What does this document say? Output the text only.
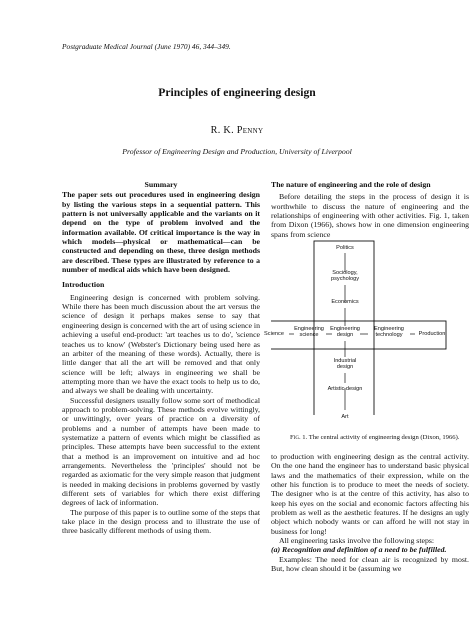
Postgraduate Medical Journal (June 1970) 46, 344–349.
Principles of engineering design
R. K. Penny
Professor of Engineering Design and Production, University of Liverpool
Summary

The paper sets out procedures used in engineering design by listing the various steps in a sequential pattern. This pattern is not universally applicable and the variants on it depend on the type of problem involved and the information available. Of critical importance is the way in which models—physical or mathematical—can be constructed and depending on these, three design methods are described. These types are illustrated by reference to a number of medical aids which have been designed.

Introduction

Engineering design is concerned with problem solving. While there has been much discussion about the art versus the science of design it perhaps makes sense to say that engineering design is concerned with the art of using science in achieving a useful end-product: 'art teaches us to do', 'science teaches us to know' (Webster's Dictionary being used here as an arbiter of the meaning of these words). Actually, there is little danger that all the art will be removed and that only science will be left; always in engineering we shall be attempting more than we have the exact tools to help us to do, and always we shall be dealing with uncertainty.

Successful designers usually follow some sort of methodical approach to problem-solving. These methods evolve wittingly, or unwittingly, over years of practice on a diversity of problems and a number of attempts have been made to systematize a pattern of events which might be classified as principles. These attempts have been successful to the extent that a method is an improvement on intuitive and ad hoc arrangements. Nevertheless the 'principles' should not be regarded as axiomatic for the very simple reason that judgment is needed in making decisions in problems governed by vastly different sets of variables for which there exist differing degrees of lack of information.

The purpose of this paper is to outline some of the steps that take place in the design process and to illustrate the use of three basically different methods of using them.

The nature of engineering and the role of design

Before detailing the steps in the process of design it is worthwhile to discuss the nature of engineering and the relationships of engineering with other activities. Fig. 1, taken from Dixon (1966), shows how in one dimension engineering spans from science

Politics
Sociology,
psychology
Economics
Science
Engineering
science
Engineering
design
Engineering
technology	Production
Industrial
design
Artistic design
Art
Fig. 1. The central activity of engineering design (Dixon, 1966).

to production with engineering design as the central activity. On the one hand the engineer has to understand basic physical laws and the mathematics of their expression, while on the other his function is to produce to meet the needs of society. The designer who is at the centre of this activity, has also to keep his eyes on the social and economic factors affecting his problem as well as the aesthetic features. If he designs an ugly object which nobody wants or can afford he will not stay in business for long!

All engineering tasks involve the following steps:

(a) Recognition and definition of a need to be fulfilled.

Examples: The need for clean air is recognized by most. But, how clean should it be (assuming we
